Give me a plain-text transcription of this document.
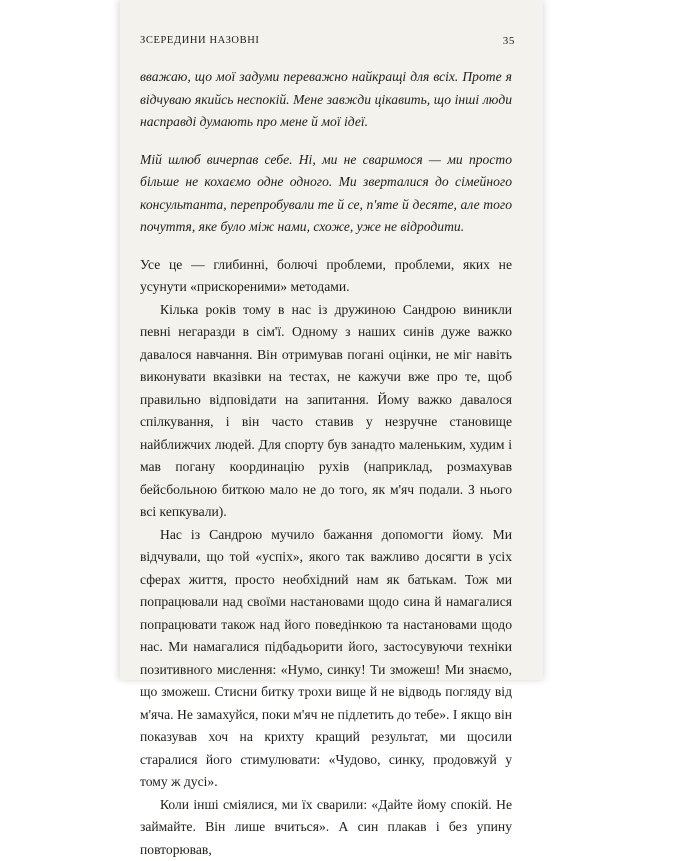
ЗСЕРЕДИНИ НАЗОВНІ	35

вважаю, що мої задуми переважно найкращі для всіх. Проте я відчуваю якийсь неспокій. Мене завжди цікавить, що інші люди насправді думають про мене й мої ідеї.

Мій шлюб вичерпав себе. Ні, ми не сваримося — ми просто більше не кохаємо одне одного. Ми зверталися до сімейного консультанта, перепробували те й се, п'яте й десяте, але того почуття, яке було між нами, схоже, уже не відродити.

Усе це — глибинні, болючі проблеми, проблеми, яких не усунути «прискореними» методами.

Кілька років тому в нас із дружиною Сандрою виникли певні негаразди в сім'ї. Одному з наших синів дуже важко давалося навчання. Він отримував погані оцінки, не міг навіть виконувати вказівки на тестах, не кажучи вже про те, щоб правильно відповідати на запитання. Йому важко давалося спілкування, і він часто ставив у незручне становище найближчих людей. Для спорту був занадто маленьким, худим і мав погану координацію рухів (наприклад, розмахував бейсбольною биткою мало не до того, як м'яч подали. З нього всі кепкували).

Нас із Сандрою мучило бажання допомогти йому. Ми відчували, що той «успіх», якого так важливо досягти в усіх сферах життя, просто необхідний нам як батькам. Тож ми попрацювали над своїми настановами щодо сина й намагалися попрацювати також над його поведінкою та настановами щодо нас. Ми намагалися підбадьорити його, застосувуючи техніки позитивного мислення: «Нумо, синку! Ти зможеш! Ми знаємо, що зможеш. Стисни битку трохи вище й не відводь погляду від м'яча. Не замахуйся, поки м'яч не підлетить до тебе». І якщо він показував хоч на крихту кращий результат, ми щосили старалися його стимулювати: «Чудово, синку, продовжуй у тому ж дусі».

Коли інші сміялися, ми їх сварили: «Дайте йому спокій. Не займайте. Він лише вчиться». А син плакав і без упину повторював,
